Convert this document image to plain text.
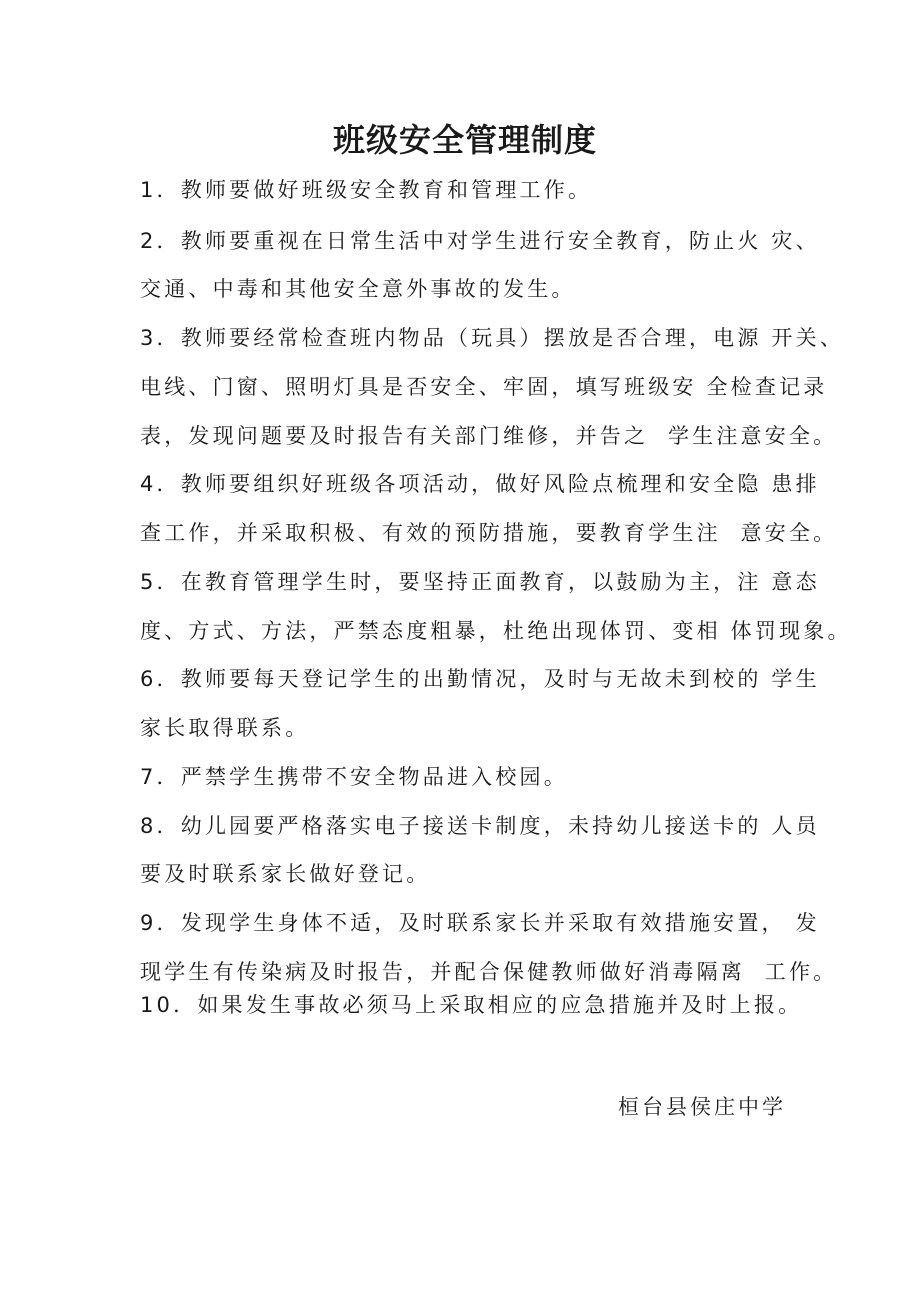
班级安全管理制度
1．教师要做好班级安全教育和管理工作。
2．教师要重视在日常生活中对学生进行安全教育，防止火 灾、
交通、中毒和其他安全意外事故的发生。
3．教师要经常检查班内物品（玩具）摆放是否合理，电源 开关、
电线、门窗、照明灯具是否安全、牢固，填写班级安 全检查记录
表，发现问题要及时报告有关部门维修，并告之  学生注意安全。
4．教师要组织好班级各项活动，做好风险点梳理和安全隐 患排
查工作，并采取积极、有效的预防措施，要教育学生注  意安全。
5．在教育管理学生时，要坚持正面教育，以鼓励为主，注 意态
度、方式、方法，严禁态度粗暴，杜绝出现体罚、变相 体罚现象。
6．教师要每天登记学生的出勤情况，及时与无故未到校的 学生
家长取得联系。
7．严禁学生携带不安全物品进入校园。
8．幼儿园要严格落实电子接送卡制度，未持幼儿接送卡的 人员
要及时联系家长做好登记。
9．发现学生身体不适，及时联系家长并采取有效措施安置， 发
现学生有传染病及时报告，并配合保健教师做好消毒隔离  工作。
10．如果发生事故必须马上采取相应的应急措施并及时上报。
桓台县侯庄中学
